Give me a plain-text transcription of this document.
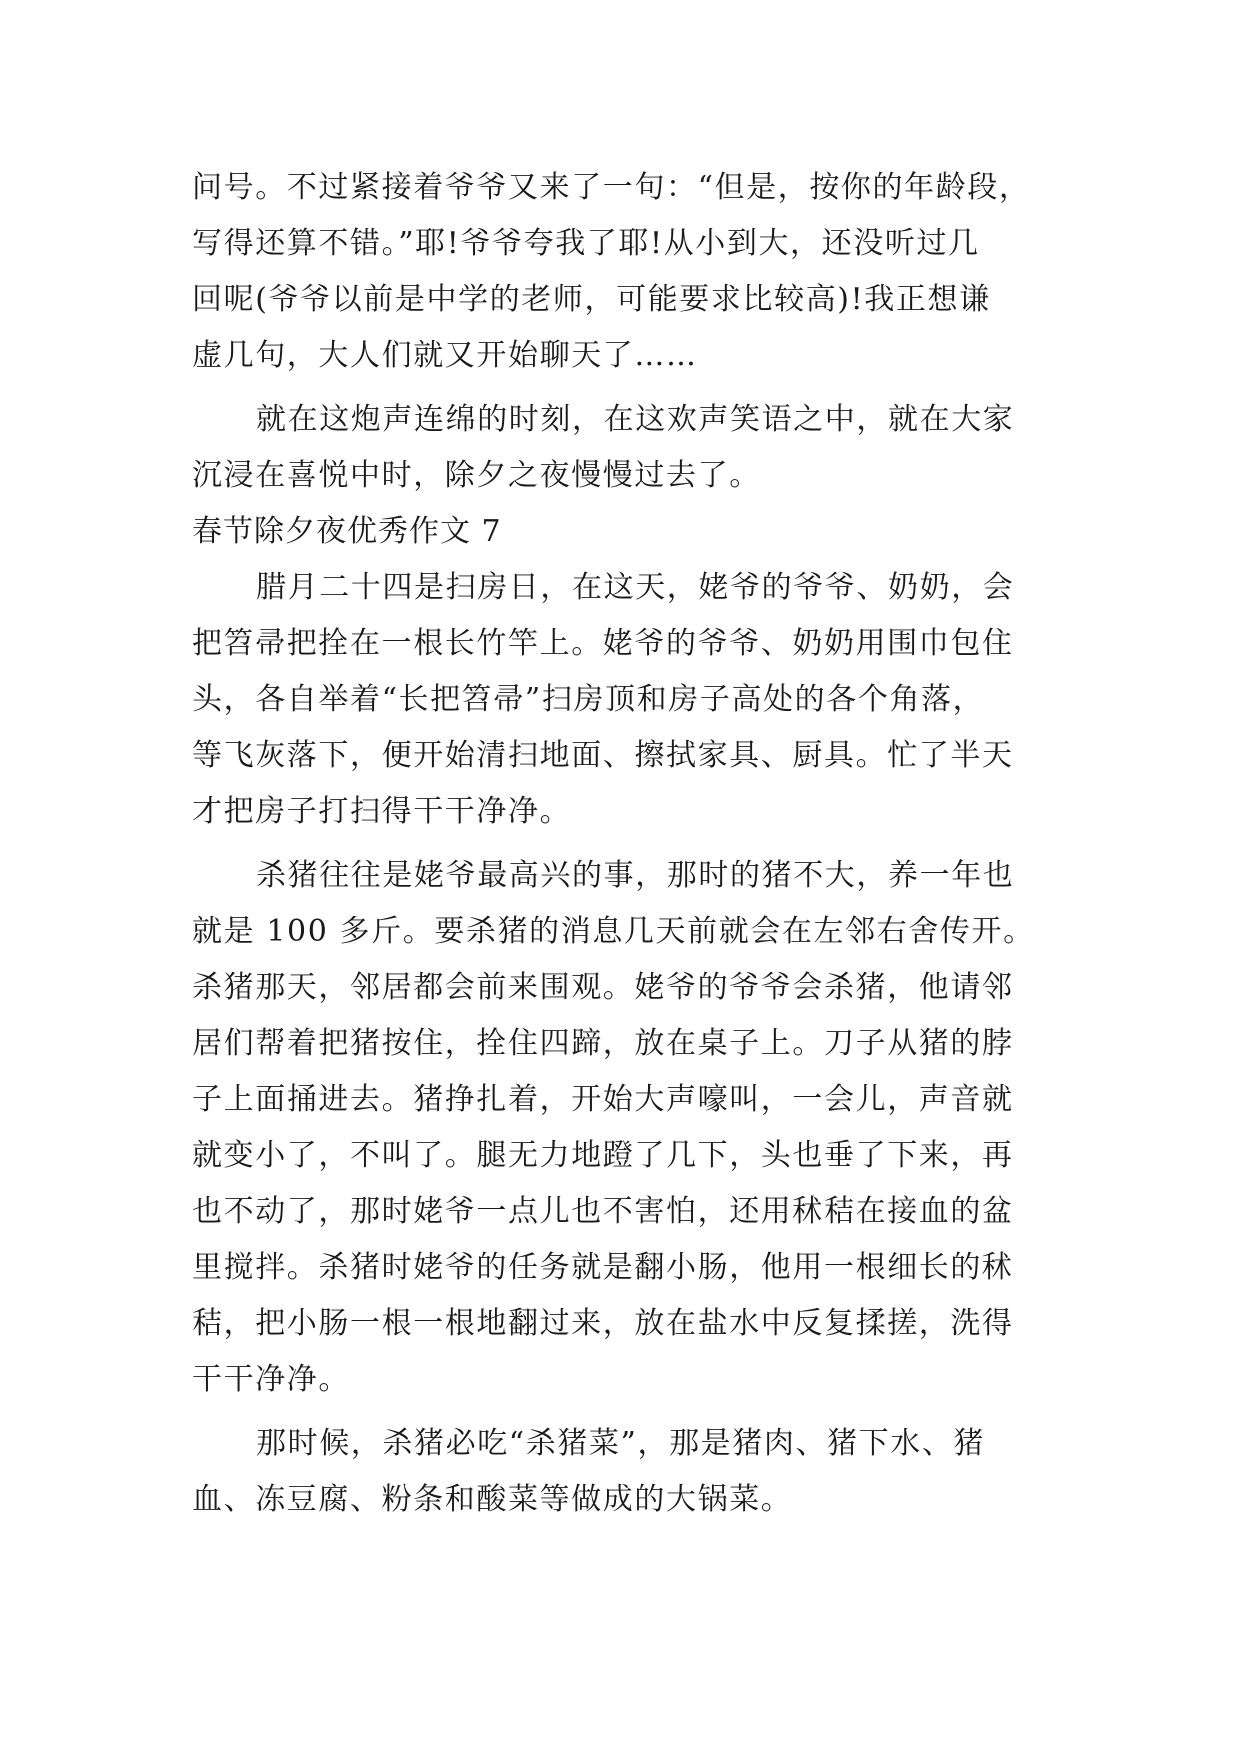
问号。不过紧接着爷爷又来了一句：“但是，按你的年龄段，
写得还算不错。”耶!爷爷夸我了耶!从小到大，还没听过几
回呢(爷爷以前是中学的老师，可能要求比较高)!我正想谦
虚几句，大人们就又开始聊天了……
就在这炮声连绵的时刻，在这欢声笑语之中，就在大家
沉浸在喜悦中时，除夕之夜慢慢过去了。
春节除夕夜优秀作文 7
腊月二十四是扫房日，在这天，姥爷的爷爷、奶奶，会
把笤帚把拴在一根长竹竿上。姥爷的爷爷、奶奶用围巾包住
头，各自举着“长把笤帚”扫房顶和房子高处的各个角落，
等飞灰落下，便开始清扫地面、擦拭家具、厨具。忙了半天
才把房子打扫得干干净净。
杀猪往往是姥爷最高兴的事，那时的猪不大，养一年也
就是 100 多斤。要杀猪的消息几天前就会在左邻右舍传开。
杀猪那天，邻居都会前来围观。姥爷的爷爷会杀猪，他请邻
居们帮着把猪按住，拴住四蹄，放在桌子上。刀子从猪的脖
子上面捅进去。猪挣扎着，开始大声嚎叫，一会儿，声音就
就变小了，不叫了。腿无力地蹬了几下，头也垂了下来，再
也不动了，那时姥爷一点儿也不害怕，还用秫秸在接血的盆
里搅拌。杀猪时姥爷的任务就是翻小肠，他用一根细长的秫
秸，把小肠一根一根地翻过来，放在盐水中反复揉搓，洗得
干干净净。
那时候，杀猪必吃“杀猪菜”，那是猪肉、猪下水、猪
血、冻豆腐、粉条和酸菜等做成的大锅菜。
